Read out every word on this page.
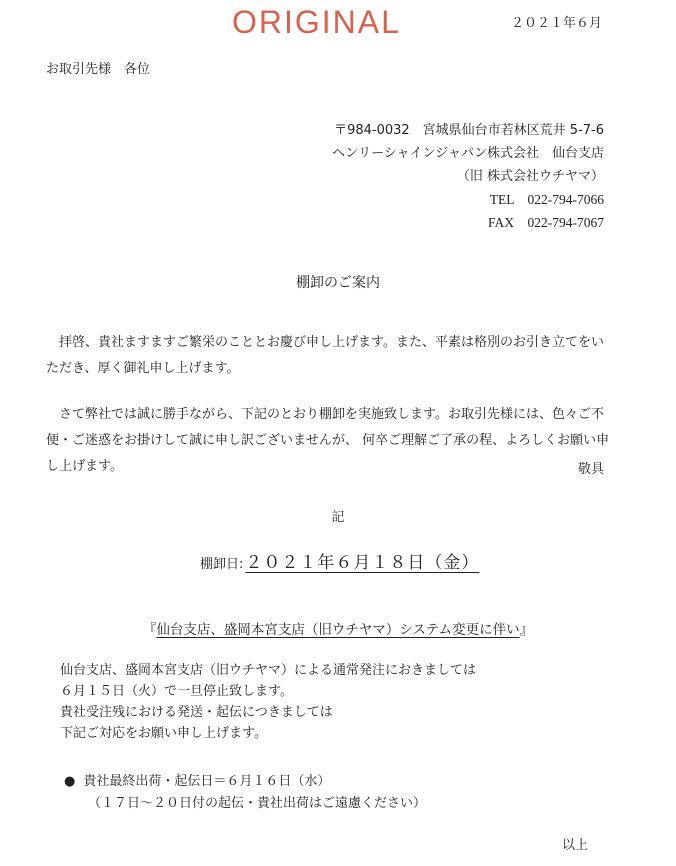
ORIGINAL	２０２１年６月
お取引先様　各位
〒984-0032　宮城県仙台市若林区荒井 5-7-6
ヘンリーシャインジャパン株式会社　仙台支店
（旧 株式会社ウチヤマ）
TEL　022-794-7066
FAX　022-794-7067
棚卸のご案内
　拝啓、貴社ますますご繁栄のこととお慶び申し上げます。また、平素は格別のお引き立てをいただき、厚く御礼申し上げます。
　さて弊社では誠に勝手ながら、下記のとおり棚卸を実施致します。お取引先様には、色々ご不便・ご迷惑をお掛けして誠に申し訳ございませんが、 何卒ご理解ご了承の程、よろしくお願い申し上げます。	敬具
記
棚卸日: ２０２１年６月１８日（金）
『仙台支店、盛岡本宮支店（旧ウチヤマ）システム変更に伴い』
仙台支店、盛岡本宮支店（旧ウチヤマ）による通常発注におきましては
６月１５日（火）で一旦停止致します。
貴社受注残における発送・起伝につきましては
下記ご対応をお願い申し上げます。
● 貴社最終出荷・起伝日＝６月１６日（水）
（１７日～２０日付の起伝・貴社出荷はご遠慮ください）
以上
